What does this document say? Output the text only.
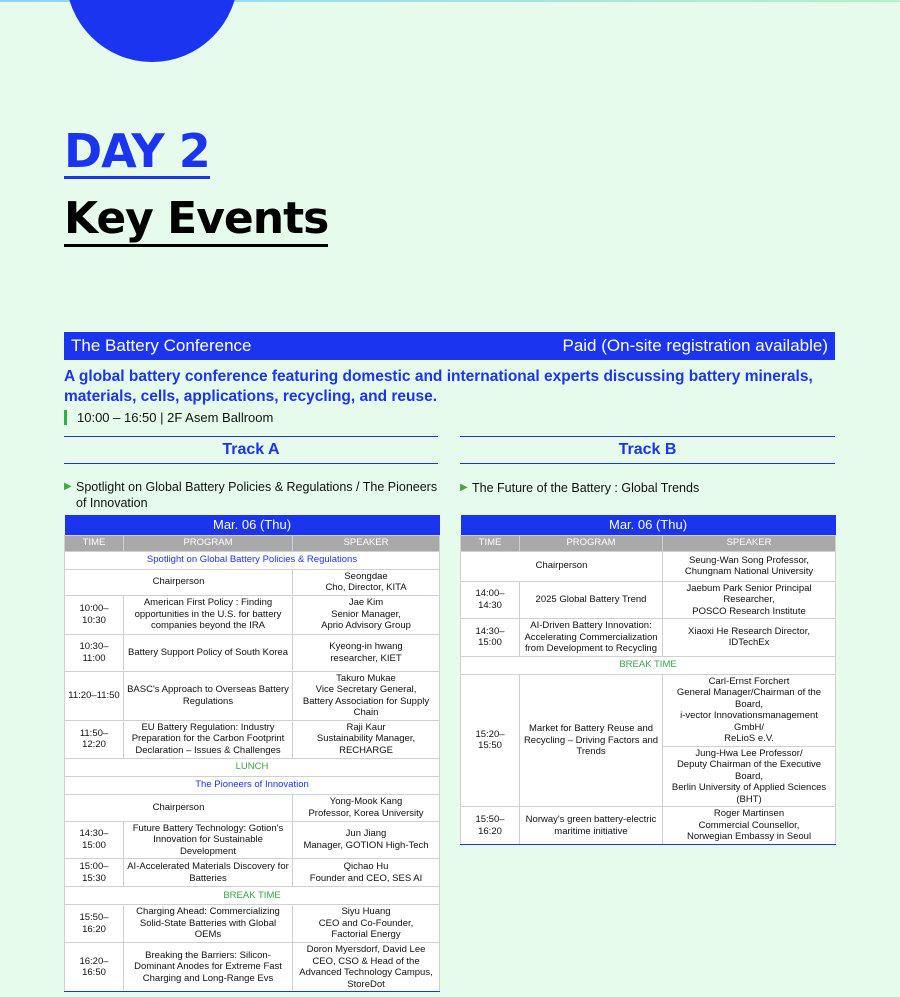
DAY 2
Key Events
The Battery Conference	Paid (On-site registration available)
A global battery conference featuring domestic and international experts discussing battery minerals, materials, cells, applications, recycling, and reuse.
10:00 – 16:50 | 2F Asem Ballroom
Track A
▶ Spotlight on Global Battery Policies & Regulations / The Pioneers of Innovation
Mar. 06 (Thu)		
TIME	PROGRAM	SPEAKER
Spotlight on Global Battery Policies & Regulations		
Chairperson		Seongdae
Cho, Director, KITA
10:00–10:30	American First Policy : Finding opportunities in the U.S. for battery companies beyond the IRA	Jae Kim
Senior Manager,
Aprio Advisory Group
10:30–11:00	Battery Support Policy of South Korea	Kyeong-in hwang
researcher, KIET
11:20–11:50	BASC's Approach to Overseas Battery Regulations	Takuro Mukae
Vice Secretary General,
Battery Association for Supply Chain
11:50–12:20	EU Battery Regulation: Industry Preparation for the Carbon Footprint Declaration – Issues & Challenges	Raji Kaur
Sustainability Manager,
RECHARGE
LUNCH		
The Pioneers of Innovation		
Chairperson		Yong-Mook Kang
Professor, Korea University
14:30–15:00	Future Battery Technology: Gotion's Innovation for Sustainable Development	Jun Jiang
Manager, GOTION High-Tech
15:00–15:30	AI-Accelerated Materials Discovery for Batteries	Qichao Hu
Founder and CEO, SES AI
BREAK TIME		
15:50–16:20	Charging Ahead: Commercializing Solid-State Batteries with Global OEMs	Siyu Huang
CEO and Co-Founder,
Factorial Energy
16:20–16:50	Breaking the Barriers: Silicon-Dominant Anodes for Extreme Fast Charging and Long-Range Evs	Doron Myersdorf, David Lee
CEO, CSO & Head of the Advanced Technology Campus,
StoreDot
Track B
▶ The Future of the Battery : Global Trends
Mar. 06 (Thu)		
TIME	PROGRAM	SPEAKER
Chairperson		Seung-Wan Song Professor,
Chungnam National University
14:00–14:30	2025 Global Battery Trend	Jaebum Park Senior Principal Researcher,
POSCO Research Institute
14:30–15:00	AI-Driven Battery Innovation: Accelerating Commercialization from Development to Recycling	Xiaoxi He Research Director,
IDTechEx
BREAK TIME		
15:20–15:50	Market for Battery Reuse and Recycling – Driving Factors and Trends	Carl-Ernst Forchert
General Manager/Chairman of the Board,
i-vector Innovationsmanagement GmbH/
ReLioS e.V.
		Jung-Hwa Lee Professor/
Deputy Chairman of the Executive Board,
Berlin University of Applied Sciences (BHT)
15:50–16:20	Norway's green battery-electric maritime initiative	Roger Martinsen
Commercial Counsellor,
Norwegian Embassy in Seoul
